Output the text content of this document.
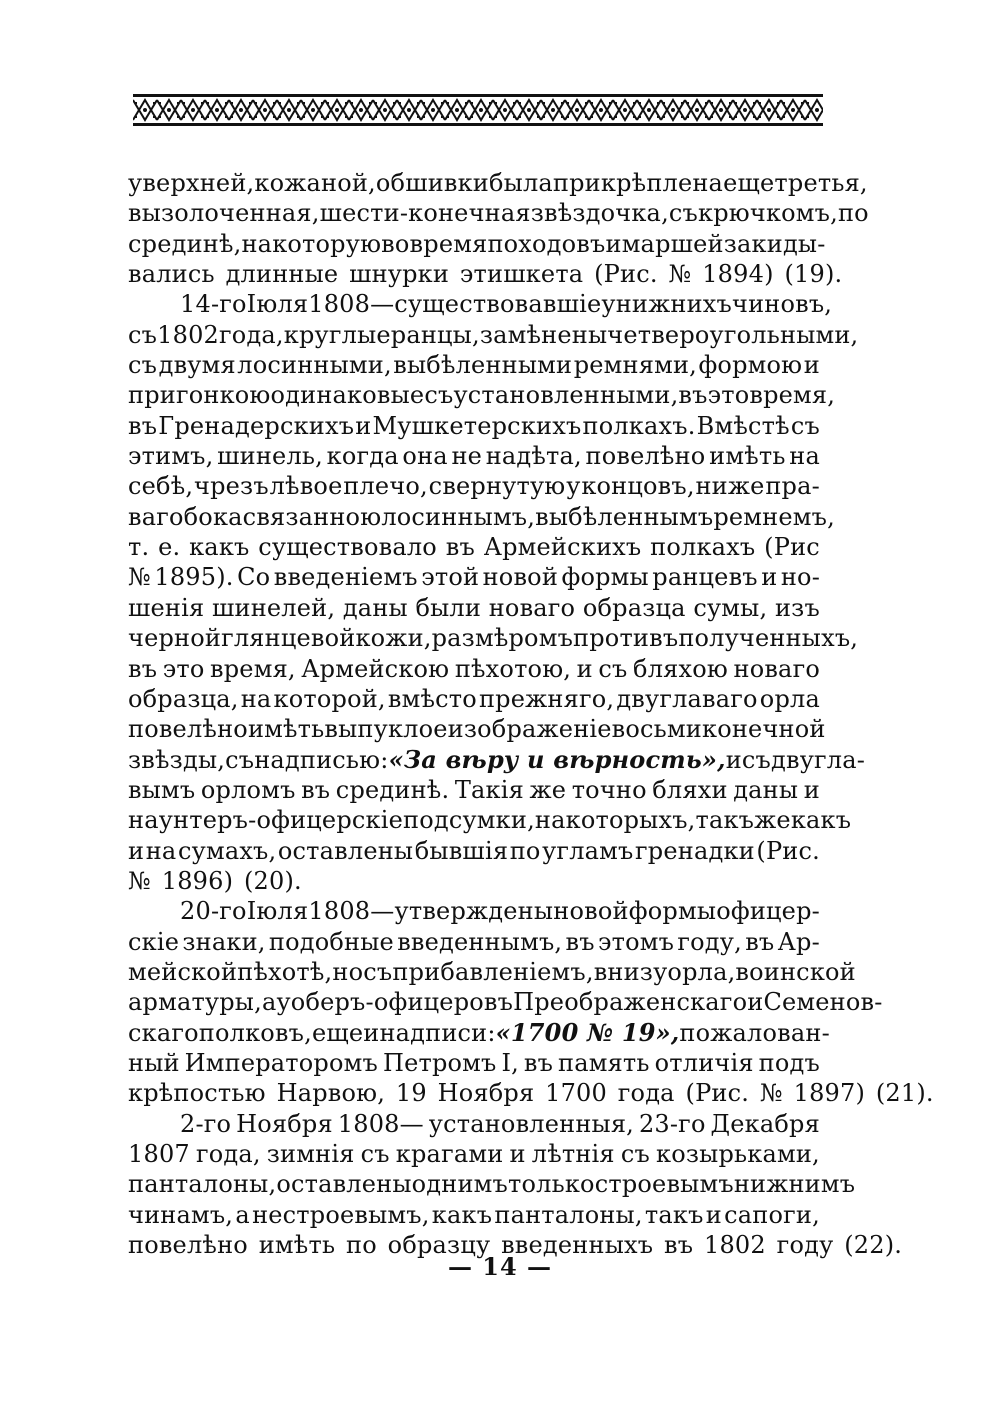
у верхней, кожаной, обшивки была прикрѣплена еще третья,
вызолоченная, шести-конечная звѣздочка, съ крючкомъ, по
срединѣ, на которую во время походовъ и маршей закиды-
вались длинные шнурки этишкета (Рис. № 1894) (19).
14-го Іюля 1808—существовавшіе у нижнихъ чиновъ,
съ 1802 года, круглые ранцы, замѣнены четвероугольными,
съ двумя лосинными, выбѣленными ремнями, формою и
пригонкою одинаковые съ установленными, въ это время,
въ Гренадерскихъ и Мушкетерскихъ полкахъ. Вмѣстѣ съ
этимъ, шинель, когда она не надѣта, повелѣно имѣть на
себѣ, чрезъ лѣвое плечо, свернутую у концовъ, ниже пра-
ваго бока связанною лосиннымъ, выбѣленнымъ ремнемъ,
т. е. какъ существовало въ Армейскихъ полкахъ (Рис
№ 1895). Со введеніемъ этой новой формы ранцевъ и но-
шенія шинелей, даны были новаго образца сумы, изъ
черной глянцевой кожи, размѣромъ противъ полученныхъ,
въ это время, Армейскою пѣхотою, и съ бляхою новаго
образца, на которой, вмѣсто прежняго, двуглаваго орла
повелѣно имѣть выпуклое изображеніе восьмиконечной
звѣзды, съ надписью: «За вѣру и вѣрность», и съ двугла-
вымъ орломъ въ срединѣ. Такія же точно бляхи даны и
на унтеръ-офицерскіе подсумки, на которыхъ, такъ же какъ
и на сумахъ, оставлены бывшія по угламъ гренадки (Рис.
№ 1896) (20).
20-го Іюля 1808— утверждены новой формы офицер-
скіе знаки, подобные введеннымъ, въ этомъ году, въ Ар-
мейской пѣхотѣ, но съ прибавленіемъ, внизу орла, воинской
арматуры, а у оберъ-офицеровъ Преображенскаго и Семенов-
скаго полковъ, еще и надписи: «1700 № 19», пожалован-
ный Императоромъ Петромъ I, въ память отличія подъ
крѣпостью Нарвою, 19 Ноября 1700 года (Рис. № 1897) (21).
2-го Ноября 1808— установленныя, 23-го Декабря
1807 года, зимнія съ крагами и лѣтнія съ козырьками,
панталоны, оставлены однимъ только строевымъ нижнимъ
чинамъ, а нестроевымъ, какъ панталоны, такъ и сапоги,
повелѣно имѣть по образцу введенныхъ въ 1802 году (22).
— 14 —
